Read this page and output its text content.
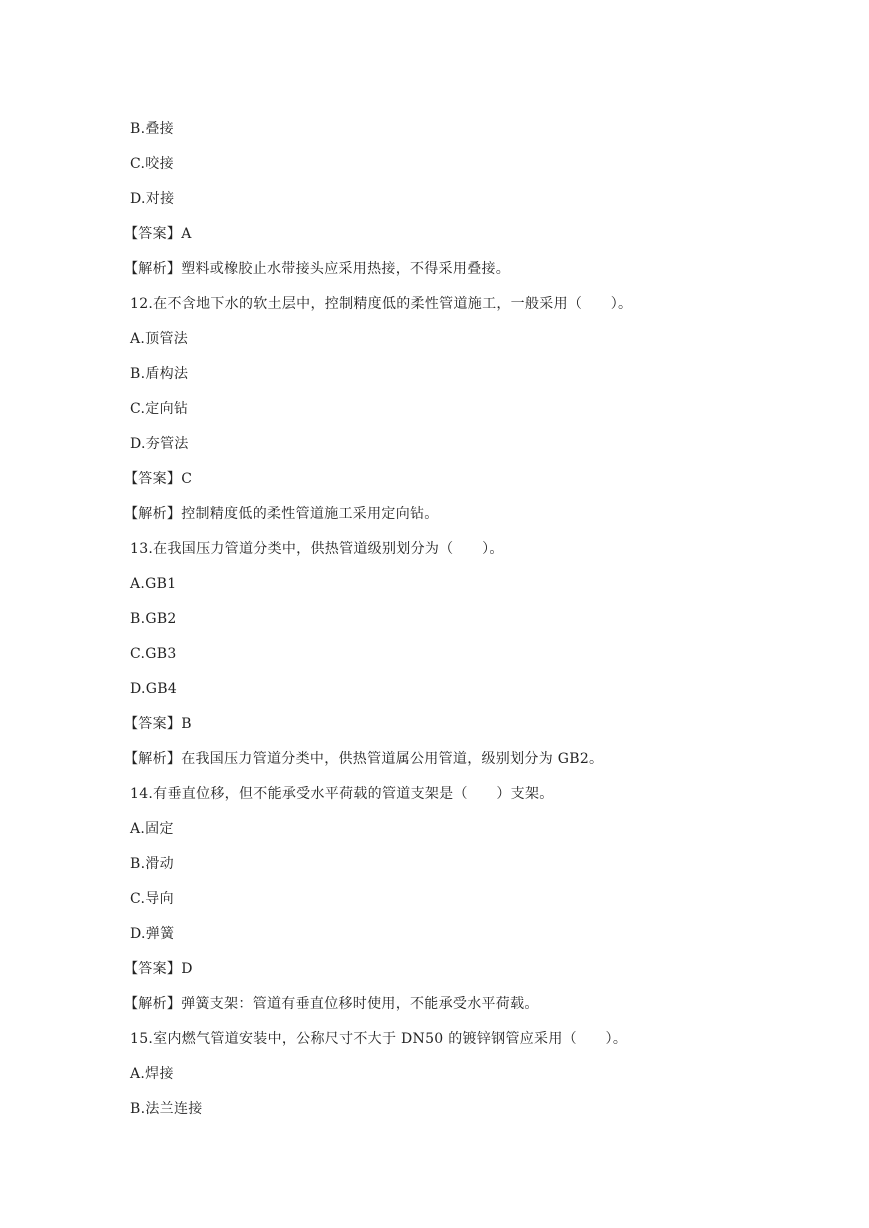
B.叠接
C.咬接
D.对接
【答案】A
【解析】塑料或橡胶止水带接头应采用热接，不得采用叠接。
12.在不含地下水的软土层中，控制精度低的柔性管道施工，一般采用（　　）。
A.顶管法
B.盾构法
C.定向钻
D.夯管法
【答案】C
【解析】控制精度低的柔性管道施工采用定向钻。
13.在我国压力管道分类中，供热管道级别划分为（　　）。
A.GB1
B.GB2
C.GB3
D.GB4
【答案】B
【解析】在我国压力管道分类中，供热管道属公用管道，级别划分为 GB2。
14.有垂直位移，但不能承受水平荷载的管道支架是（　　）支架。
A.固定
B.滑动
C.导向
D.弹簧
【答案】D
【解析】弹簧支架：管道有垂直位移时使用，不能承受水平荷载。
15.室内燃气管道安装中，公称尺寸不大于 DN50 的镀锌钢管应采用（　　）。
A.焊接
B.法兰连接
